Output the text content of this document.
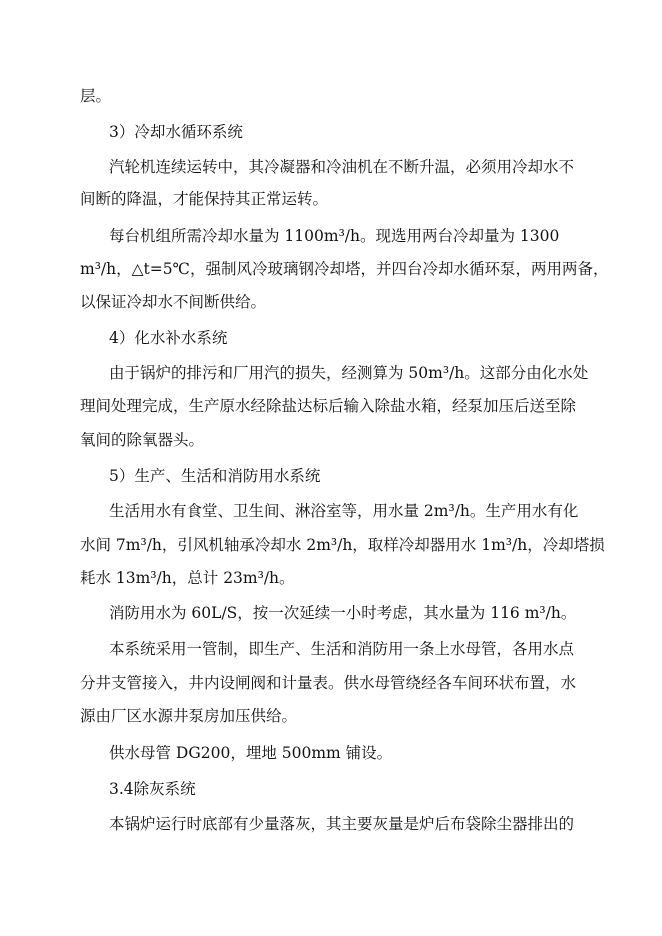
层。
3）冷却水循环系统
汽轮机连续运转中，其冷凝器和冷油机在不断升温，必须用冷却水不
间断的降温，才能保持其正常运转。
每台机组所需冷却水量为 1100m³/h。现选用两台冷却量为 1300
m³/h，△t=5℃，强制风冷玻璃钢冷却塔，并四台冷却水循环泵，两用两备，
以保证冷却水不间断供给。
4）化水补水系统
由于锅炉的排污和厂用汽的损失，经测算为 50m³/h。这部分由化水处
理间处理完成，生产原水经除盐达标后输入除盐水箱，经泵加压后送至除
氧间的除氧器头。
5）生产、生活和消防用水系统
生活用水有食堂、卫生间、淋浴室等，用水量 2m³/h。生产用水有化
水间 7m³/h，引风机轴承冷却水 2m³/h，取样冷却器用水 1m³/h，冷却塔损
耗水 13m³/h，总计 23m³/h。
消防用水为 60L/S，按一次延续一小时考虑，其水量为 116 m³/h。
本系统采用一管制，即生产、生活和消防用一条上水母管，各用水点
分井支管接入，井内设闸阀和计量表。供水母管绕经各车间环状布置，水
源由厂区水源井泵房加压供给。
供水母管 DG200，埋地 500mm 铺设。
3.4除灰系统
本锅炉运行时底部有少量落灰，其主要灰量是炉后布袋除尘器排出的
